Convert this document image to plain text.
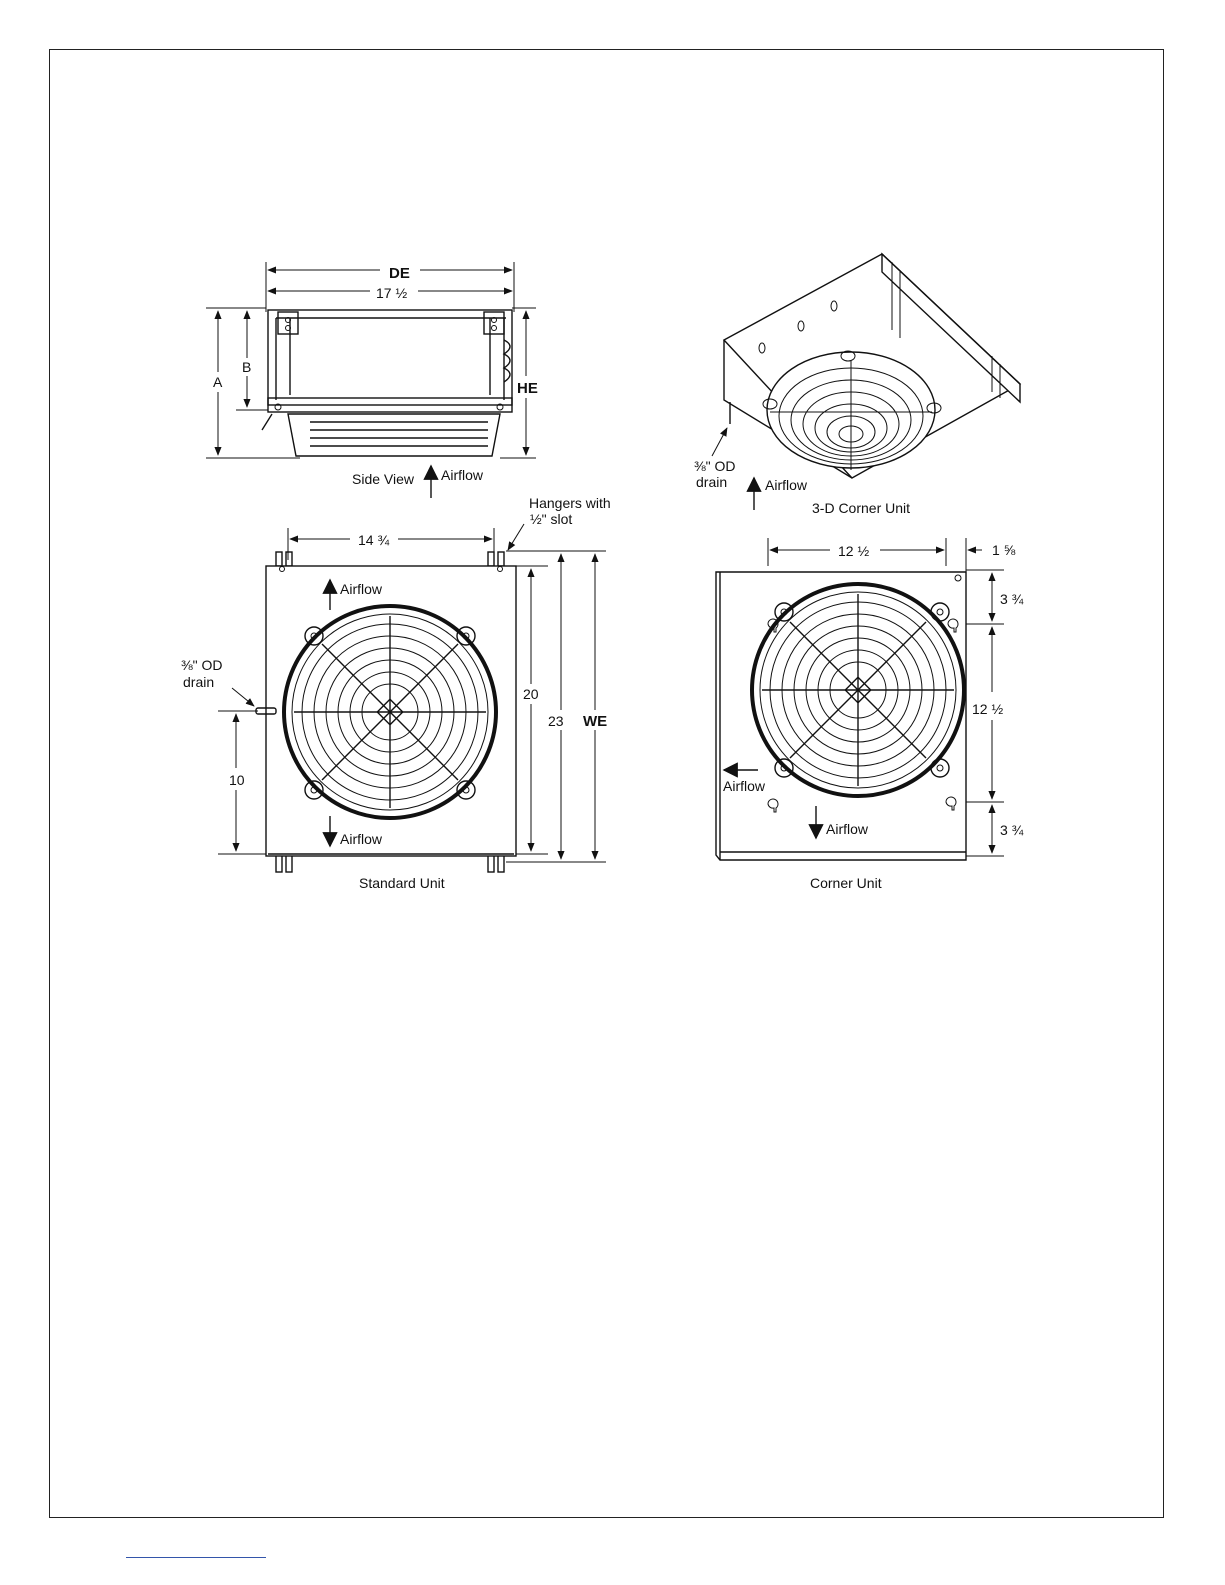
DE
17 ½
A
B
HE
Side View Airflow
⅜" OD
drain	Airflow
3-D Corner Unit
Hangers with
½" slot
14 ¾
Airflow
Airflow
⅜" OD
drain
10
20
23 WE
Standard Unit
12 ½	1 ⅝
Airflow
Airflow
3 ¾
12 ½
3 ¾
Corner Unit
